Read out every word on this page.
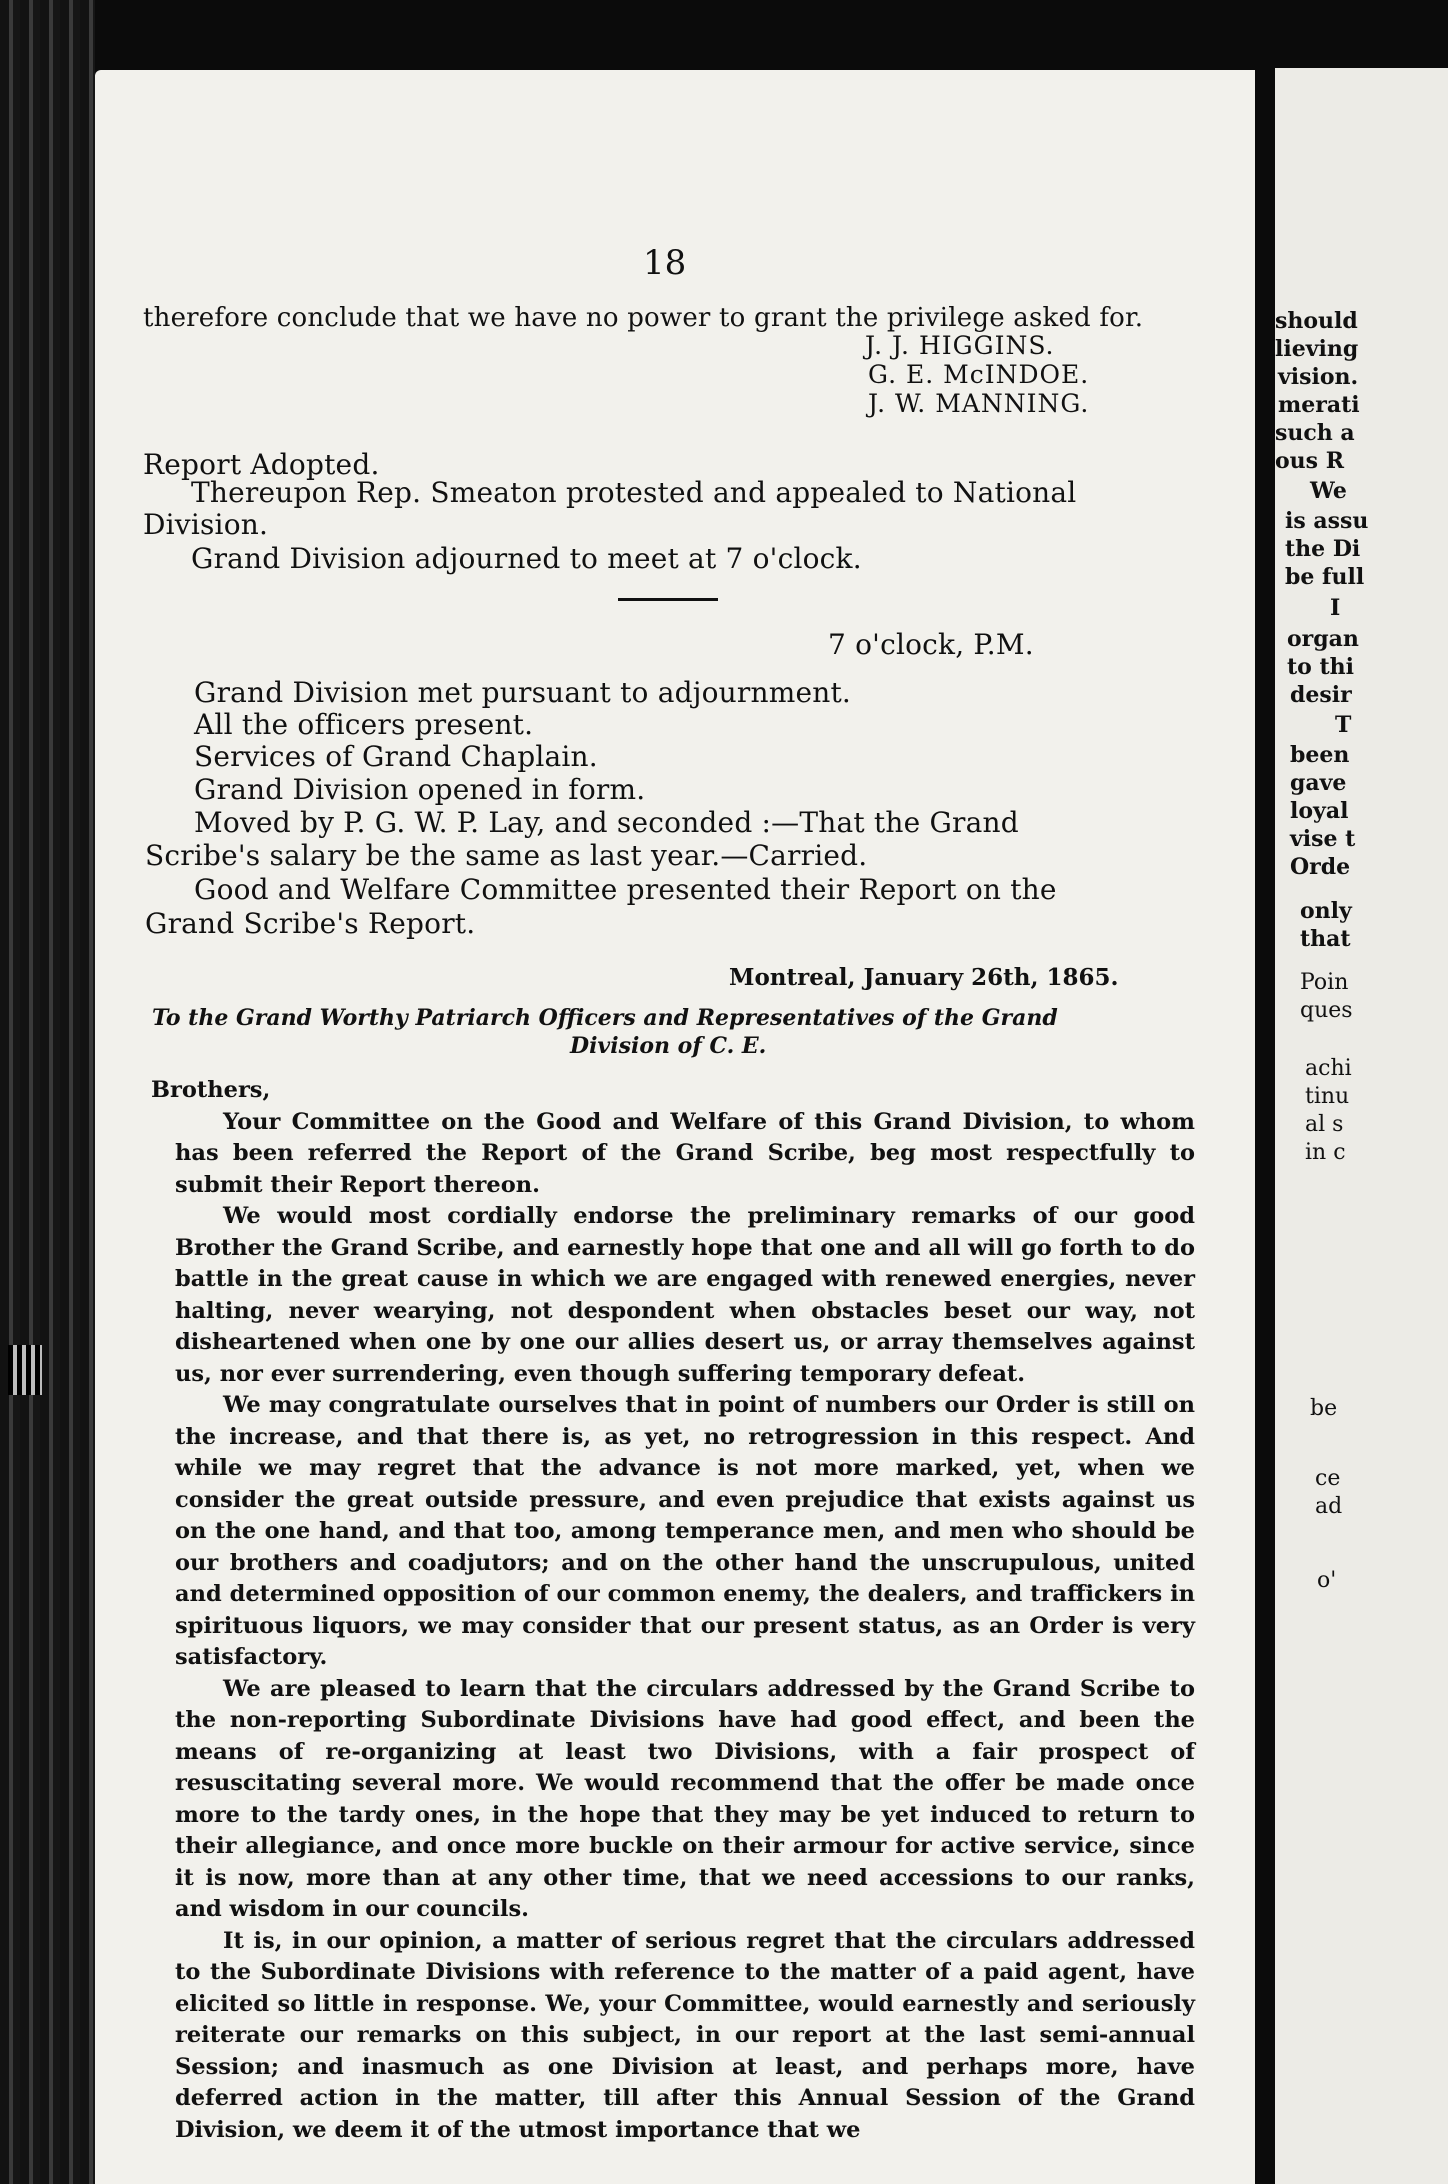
18
therefore conclude that we have no power to grant the privilege asked for.
J. J. HIGGINS.
G. E. McINDOE.
J. W. MANNING.
Report Adopted.
Thereupon Rep. Smeaton protested and appealed to National
Division.
Grand Division adjourned to meet at 7 o'clock.
7 o'clock, P.M.
Grand Division met pursuant to adjournment.
All the officers present.
Services of Grand Chaplain.
Grand Division opened in form.
Moved by P. G. W. P. Lay, and seconded :—That the Grand
Scribe's salary be the same as last year.—Carried.
Good and Welfare Committee presented their Report on the
Grand Scribe's Report.
Montreal, January 26th, 1865.
To the Grand Worthy Patriarch Officers and Representatives of the Grand
Division of C. E.

Brothers,

Your Committee on the Good and Welfare of this Grand Division, to whom has been referred the Report of the Grand Scribe, beg most respectfully to submit their Report thereon.

We would most cordially endorse the preliminary remarks of our good Brother the Grand Scribe, and earnestly hope that one and all will go forth to do battle in the great cause in which we are engaged with renewed energies, never halting, never wearying, not despondent when obstacles beset our way, not disheartened when one by one our allies desert us, or array themselves against us, nor ever surrendering, even though suffering temporary defeat.

We may congratulate ourselves that in point of numbers our Order is still on the increase, and that there is, as yet, no retrogression in this respect. And while we may regret that the advance is not more marked, yet, when we consider the great outside pressure, and even prejudice that exists against us on the one hand, and that too, among temperance men, and men who should be our brothers and coadjutors; and on the other hand the unscrupulous, united and determined opposition of our common enemy, the dealers, and traffickers in spirituous liquors, we may consider that our present status, as an Order is very satisfactory.

We are pleased to learn that the circulars addressed by the Grand Scribe to the non-reporting Subordinate Divisions have had good effect, and been the means of re-organizing at least two Divisions, with a fair prospect of resuscitating several more. We would recommend that the offer be made once more to the tardy ones, in the hope that they may be yet induced to return to their allegiance, and once more buckle on their armour for active service, since it is now, more than at any other time, that we need accessions to our ranks, and wisdom in our councils.

It is, in our opinion, a matter of serious regret that the circulars addressed to the Subordinate Divisions with reference to the matter of a paid agent, have elicited so little in response. We, your Committee, would earnestly and seriously reiterate our remarks on this subject, in our report at the last semi-annual Session; and inasmuch as one Division at least, and perhaps more, have deferred action in the matter, till after this Annual Session of the Grand Division, we deem it of the utmost importance that we

should
lieving
vision.
merati
such a
ous R
We
is assu
the Di
be full
I
organ
to thi
desir
T
been
gave
loyal
vise t
Orde
only
that
Poin
ques
achi
tinu
al s
in c
be
ce
ad
o'
